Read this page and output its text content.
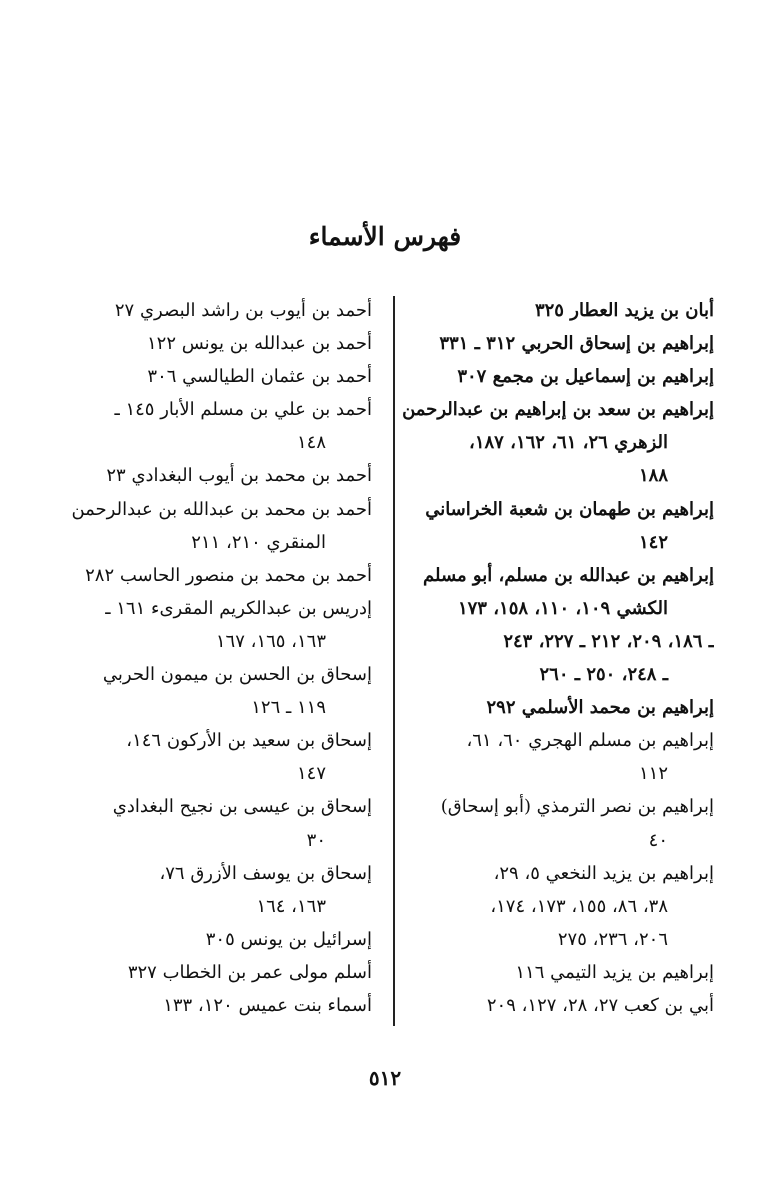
فهرس الأسماء
أبان بن يزيد العطار ٣٢٥
إبراهيم بن إسحاق الحربي ٣١٢ ـ ٣٣١
إبراهيم بن إسماعيل بن مجمع ٣٠٧
إبراهيم بن سعد بن إبراهيم بن عبدالرحمن
الزهري ٢٦، ٦١، ١٦٢، ١٨٧،
١٨٨
إبراهيم بن طهمان بن شعبة الخراساني
١٤٢
إبراهيم بن عبدالله بن مسلم، أبو مسلم
الكشي ١٠٩، ١١٠، ١٥٨، ١٧٣
ـ ١٨٦، ٢٠٩، ٢١٢ ـ ٢٢٧، ٢٤٣
ـ ٢٤٨، ٢٥٠ ـ ٢٦٠
إبراهيم بن محمد الأسلمي ٢٩٢
إبراهيم بن مسلم الهجري ٦٠، ٦١،
١١٢
إبراهيم بن نصر الترمذي (أبو إسحاق)
٤٠
إبراهيم بن يزيد النخعي ٥، ٢٩،
٣٨، ٨٦، ١٥٥، ١٧٣، ١٧٤،
٢٠٦، ٢٣٦، ٢٧٥
إبراهيم بن يزيد التيمي ١١٦
أبي بن كعب ٢٧، ٢٨، ١٢٧، ٢٠٩
أحمد بن أيوب بن راشد البصري ٢٧
أحمد بن عبدالله بن يونس ١٢٢
أحمد بن عثمان الطيالسي ٣٠٦
أحمد بن علي بن مسلم الأبار ١٤٥ ـ
١٤٨
أحمد بن محمد بن أيوب البغدادي ٢٣
أحمد بن محمد بن عبدالله بن عبدالرحمن
المنقري ٢١٠، ٢١١
أحمد بن محمد بن منصور الحاسب ٢٨٢
إدريس بن عبدالكريم المقرىء ١٦١ ـ
١٦٣، ١٦٥، ١٦٧
إسحاق بن الحسن بن ميمون الحربي
١١٩ ـ ١٢٦
إسحاق بن سعيد بن الأركون ١٤٦،
١٤٧
إسحاق بن عيسى بن نجيح البغدادي
٣٠
إسحاق بن يوسف الأزرق ٧٦،
١٦٣، ١٦٤
إسرائيل بن يونس ٣٠٥
أسلم مولى عمر بن الخطاب ٣٢٧
أسماء بنت عميس ١٢٠، ١٣٣
٥١٢
